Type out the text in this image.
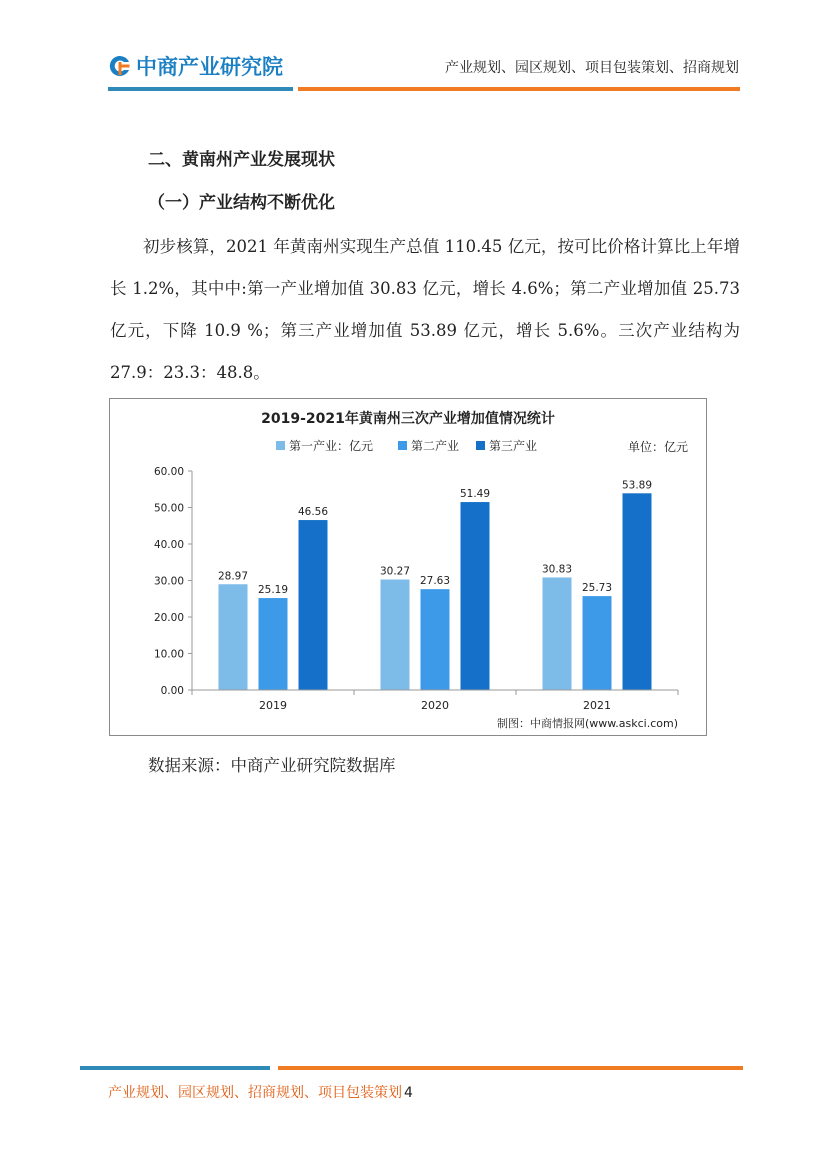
中商产业研究院	产业规划、园区规划、项目包装策划、招商规划
二、黄南州产业发展现状
（一）产业结构不断优化

初步核算，2021 年黄南州实现生产总值 110.45 亿元，按可比价格计算比上年增长 1.2%，其中中:第一产业增加值 30.83 亿元，增长 4.6%；第二产业增加值 25.73 亿元，下降 10.9 %；第三产业增加值 53.89 亿元，增长 5.6%。三次产业结构为 27.9：23.3：48.8。

2019-2021年黄南州三次产业增加值情况统计
第一产业：亿元	第二产业 第三产业	单位：亿元
0.00
10.00
20.00
30.00
40.00
50.00
60.00
28.97
25.19
46.56
30.27
27.63
51.49
30.83
25.73
53.89
2019	2020	2021
制图：中商情报网(www.askci.com)
数据来源：中商产业研究院数据库
产业规划、园区规划、招商规划、项目包装策划 4
